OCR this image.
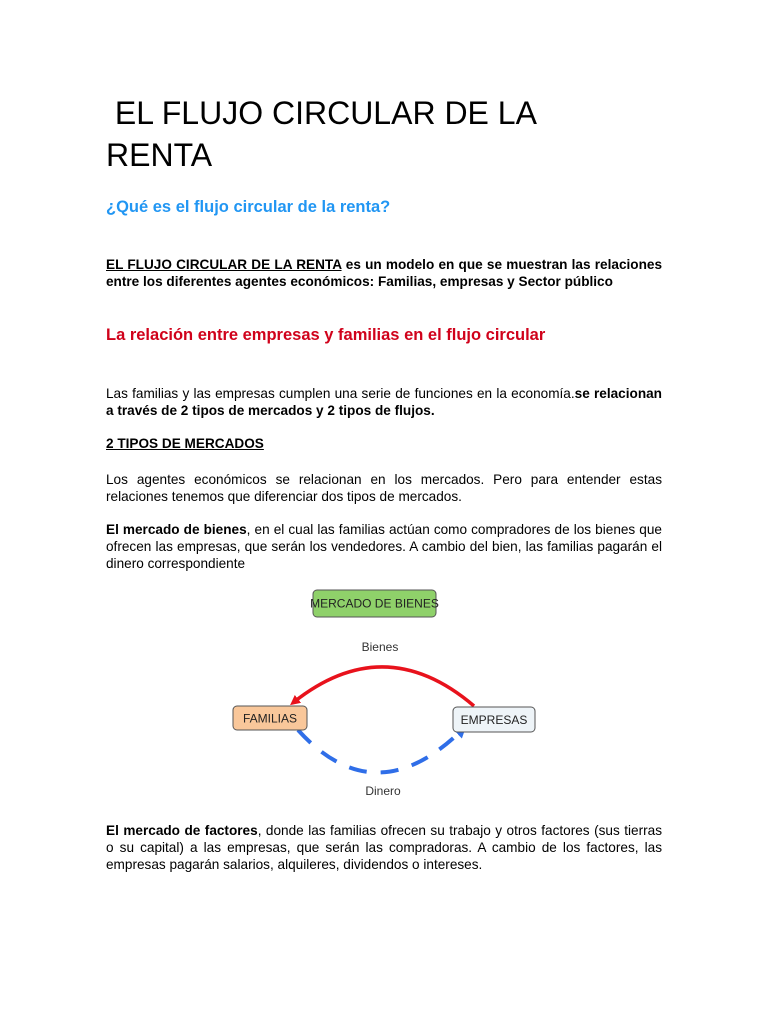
EL FLUJO CIRCULAR DE LA
RENTA
¿Qué es el flujo circular de la renta?

EL FLUJO CIRCULAR DE LA RENTA es un modelo en que se muestran las relaciones entre los diferentes agentes económicos: Familias, empresas y Sector público

La relación entre empresas y familias en el flujo circular

Las familias y las empresas cumplen una serie de funciones en la economía.se relacionan a través de 2 tipos de mercados y 2 tipos de flujos.

2 TIPOS DE MERCADOS

Los agentes económicos se relacionan en los mercados. Pero para entender estas relaciones tenemos que diferenciar dos tipos de mercados.

El mercado de bienes, en el cual las familias actúan como compradores de los bienes que ofrecen las empresas, que serán los vendedores. A cambio del bien, las familias pagarán el dinero correspondiente

MERCADO DE BIENES
Bienes
Dinero
FAMILIAS	EMPRESAS

El mercado de factores, donde las familias ofrecen su trabajo y otros factores (sus tierras o su capital) a las empresas, que serán las compradoras. A cambio de los factores, las empresas pagarán salarios, alquileres, dividendos o intereses.
